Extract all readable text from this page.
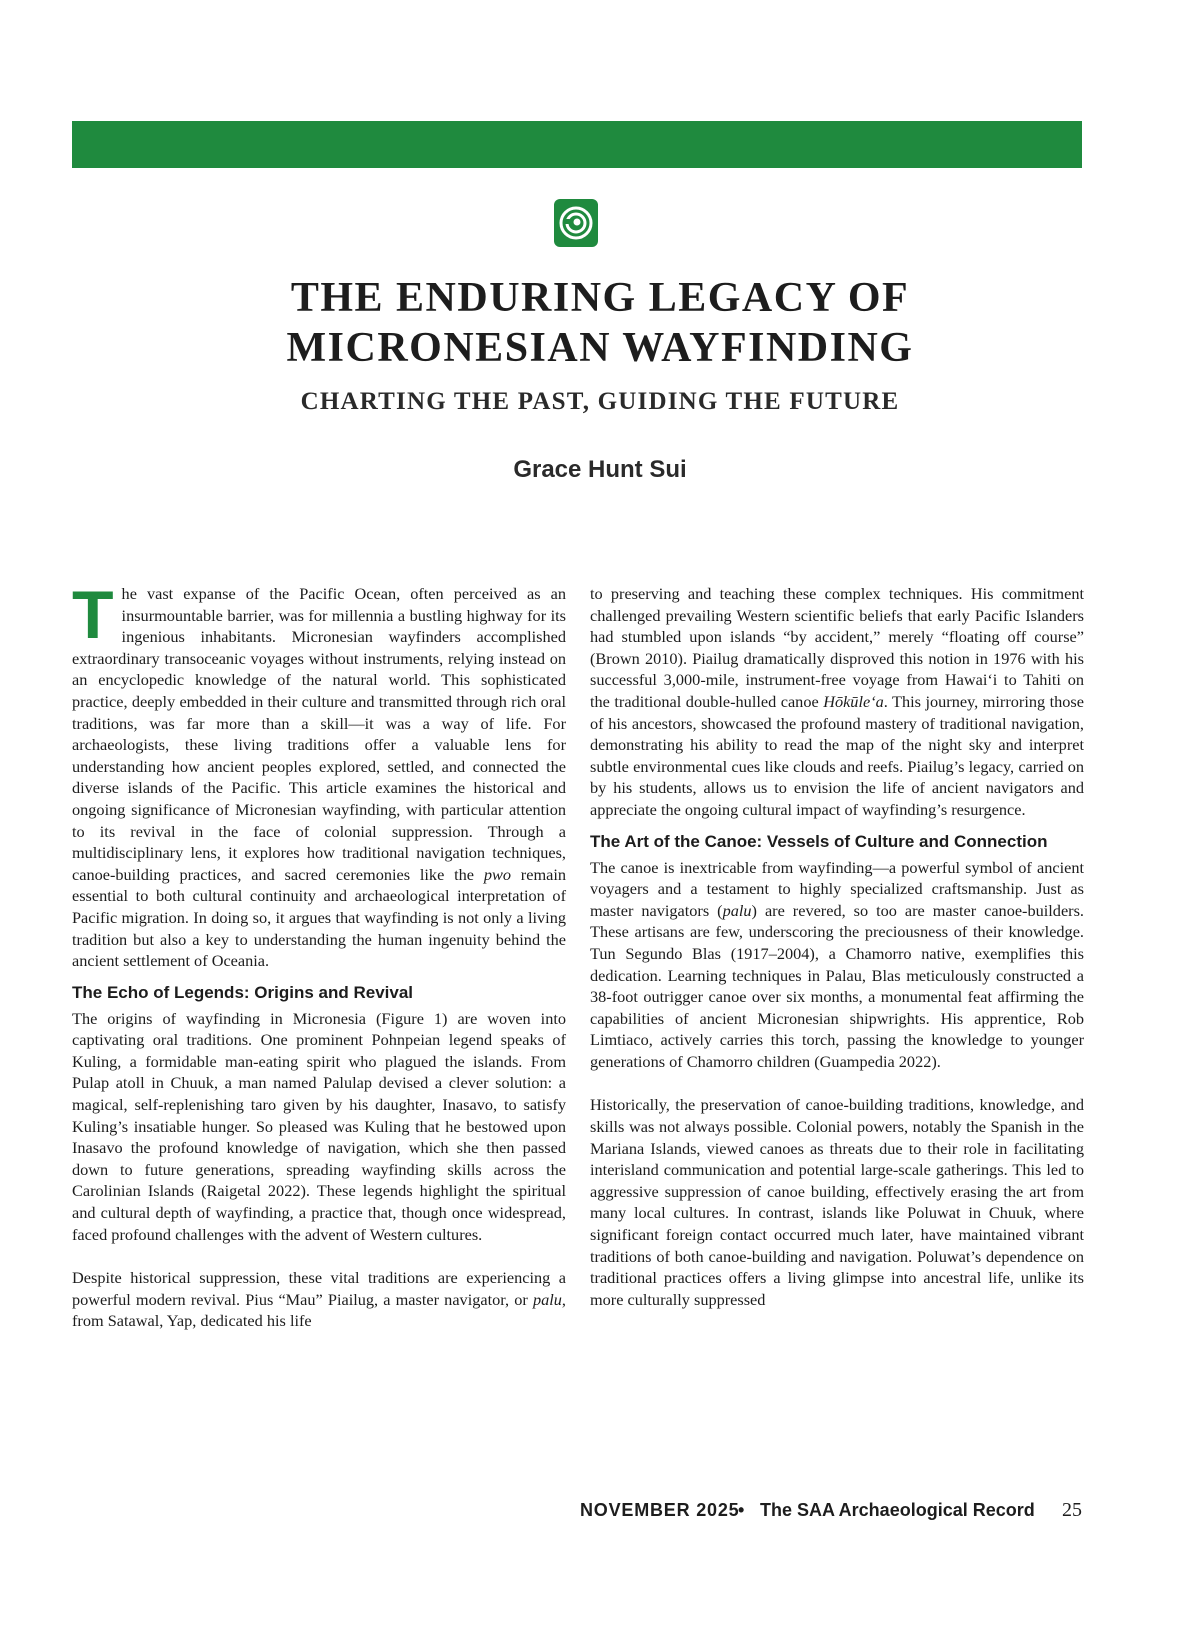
THE ENDURING LEGACY OF
MICRONESIAN WAYFINDING
CHARTING THE PAST, GUIDING THE FUTURE
Grace Hunt Sui

The vast expanse of the Pacific Ocean, often perceived as an insurmountable barrier, was for millennia a bustling highway for its ingenious inhabitants. Micronesian wayfinders accomplished extraordinary transoceanic voyages without instruments, relying instead on an encyclopedic knowledge of the natural world. This sophisticated practice, deeply embedded in their culture and transmitted through rich oral traditions, was far more than a skill—it was a way of life. For archaeologists, these living traditions offer a valuable lens for understanding how ancient peoples explored, settled, and connected the diverse islands of the Pacific. This article examines the historical and ongoing significance of Micronesian wayfinding, with particular attention to its revival in the face of colonial suppression. Through a multidisciplinary lens, it explores how traditional navigation techniques, canoe-building practices, and sacred ceremonies like the pwo remain essential to both cultural continuity and archaeological interpretation of Pacific migration. In doing so, it argues that wayfinding is not only a living tradition but also a key to understanding the human ingenuity behind the ancient settlement of Oceania.

The Echo of Legends: Origins and Revival

The origins of wayfinding in Micronesia (Figure 1) are woven into captivating oral traditions. One prominent Pohnpeian legend speaks of Kuling, a formidable man-eating spirit who plagued the islands. From Pulap atoll in Chuuk, a man named Palulap devised a clever solution: a magical, self-replenishing taro given by his daughter, Inasavo, to satisfy Kuling’s insatiable hunger. So pleased was Kuling that he bestowed upon Inasavo the profound knowledge of navigation, which she then passed down to future generations, spreading wayfinding skills across the Carolinian Islands (Raigetal 2022). These legends highlight the spiritual and cultural depth of wayfinding, a practice that, though once widespread, faced profound challenges with the advent of Western cultures.

Despite historical suppression, these vital traditions are experiencing a powerful modern revival. Pius “Mau” Piailug, a master navigator, or palu, from Satawal, Yap, dedicated his life

to preserving and teaching these complex techniques. His commitment challenged prevailing Western scientific beliefs that early Pacific Islanders had stumbled upon islands “by accident,” merely “floating off course” (Brown 2010). Piailug dramatically disproved this notion in 1976 with his successful 3,000-mile, instrument-free voyage from Hawai‘i to Tahiti on the traditional double-hulled canoe Hōkūle‘a. This journey, mirroring those of his ancestors, showcased the profound mastery of traditional navigation, demonstrating his ability to read the map of the night sky and interpret subtle environmental cues like clouds and reefs. Piailug’s legacy, carried on by his students, allows us to envision the life of ancient navigators and appreciate the ongoing cultural impact of wayfinding’s resurgence.

The Art of the Canoe: Vessels of Culture and Connection

The canoe is inextricable from wayfinding—a powerful symbol of ancient voyagers and a testament to highly specialized craftsmanship. Just as master navigators (palu) are revered, so too are master canoe-builders. These artisans are few, underscoring the preciousness of their knowledge. Tun Segundo Blas (1917–2004), a Chamorro native, exemplifies this dedication. Learning techniques in Palau, Blas meticulously constructed a 38-foot outrigger canoe over six months, a monumental feat affirming the capabilities of ancient Micronesian shipwrights. His apprentice, Rob Limtiaco, actively carries this torch, passing the knowledge to younger generations of Chamorro children (Guampedia 2022).

Historically, the preservation of canoe-building traditions, knowledge, and skills was not always possible. Colonial powers, notably the Spanish in the Mariana Islands, viewed canoes as threats due to their role in facilitating interisland communication and potential large-scale gatherings. This led to aggressive suppression of canoe building, effectively erasing the art from many local cultures. In contrast, islands like Poluwat in Chuuk, where significant foreign contact occurred much later, have maintained vibrant traditions of both canoe-building and navigation. Poluwat’s dependence on traditional practices offers a living glimpse into ancestral life, unlike its more culturally suppressed

NOVEMBER 2025
• The SAA Archaeological Record 25
